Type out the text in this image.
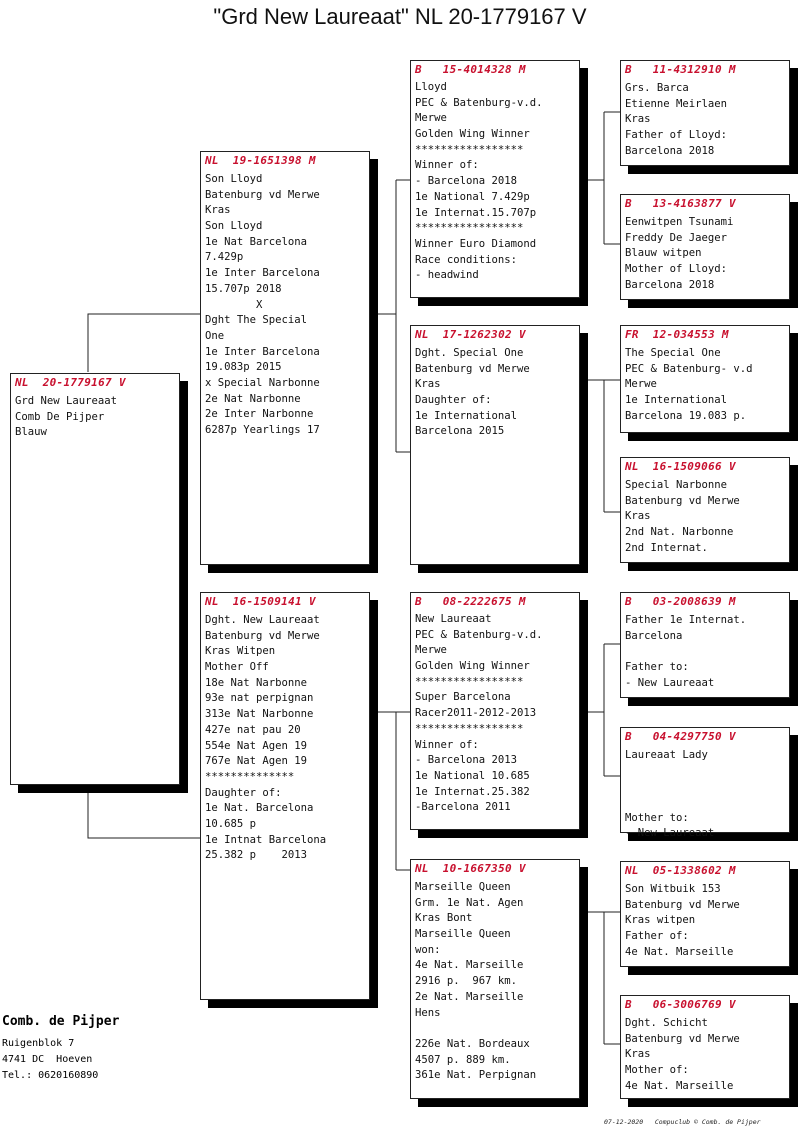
"Grd New Laureaat" NL 20-1779167 V
NL  20-1779167 V
Grd New Laureaat
Comb De Pijper
Blauw
NL  19-1651398 M
Son Lloyd
Batenburg vd Merwe
Kras
Son Lloyd
1e Nat Barcelona
7.429p
1e Inter Barcelona
15.707p 2018
X
Dght The Special
One
1e Inter Barcelona
19.083p 2015
x Special Narbonne
2e Nat Narbonne
2e Inter Narbonne
6287p Yearlings 17
NL  16-1509141 V
Dght. New Laureaat
Batenburg vd Merwe
Kras Witpen
Mother Off
18e Nat Narbonne
93e nat perpignan
313e Nat Narbonne
427e nat pau 20
554e Nat Agen 19
767e Nat Agen 19
**************
Daughter of:
1e Nat. Barcelona
10.685 p
1e Intnat Barcelona
25.382 p    2013
B   15-4014328 M
Lloyd
PEC & Batenburg-v.d.
Merwe
Golden Wing Winner
*****************
Winner of:
- Barcelona 2018
1e National 7.429p
1e Internat.15.707p
*****************
Winner Euro Diamond
Race conditions:
- headwind
NL  17-1262302 V
Dght. Special One
Batenburg vd Merwe
Kras
Daughter of:
1e International
Barcelona 2015
B   08-2222675 M
New Laureaat
PEC & Batenburg-v.d.
Merwe
Golden Wing Winner
*****************
Super Barcelona
Racer2011-2012-2013
*****************
Winner of:
- Barcelona 2013
1e National 10.685
1e Internat.25.382
-Barcelona 2011
NL  10-1667350 V
Marseille Queen
Grm. 1e Nat. Agen
Kras Bont
Marseille Queen
won:
4e Nat. Marseille
2916 p.  967 km.
2e Nat. Marseille
Hens
226e Nat. Bordeaux
4507 p. 889 km.
361e Nat. Perpignan
B   11-4312910 M
Grs. Barca
Etienne Meirlaen
Kras
Father of Lloyd:
Barcelona 2018
B   13-4163877 V
Eenwitpen Tsunami
Freddy De Jaeger
Blauw witpen
Mother of Lloyd:
Barcelona 2018
FR  12-034553 M
The Special One
PEC & Batenburg- v.d
Merwe
1e International
Barcelona 19.083 p.
NL  16-1509066 V
Special Narbonne
Batenburg vd Merwe
Kras
2nd Nat. Narbonne
2nd Internat.
B   03-2008639 M
Father 1e Internat.
Barcelona
Father to:
- New Laureaat
B   04-4297750 V
Laureaat Lady
Mother to:
- New Laureaat
NL  05-1338602 M
Son Witbuik 153
Batenburg vd Merwe
Kras witpen
Father of:
4e Nat. Marseille
B   06-3006769 V
Dght. Schicht
Batenburg vd Merwe
Kras
Mother of:
4e Nat. Marseille
Comb. de Pijper
Ruigenblok 7
4741 DC  Hoeven
Tel.: 0620160890
07-12-2020   Compuclub © Comb. de Pijper
